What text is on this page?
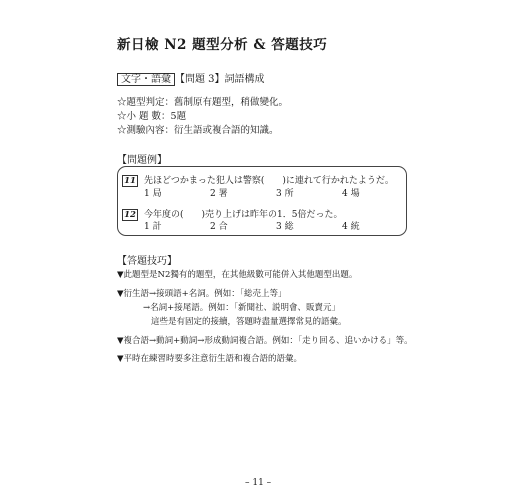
新日檢 N2 題型分析 & 答題技巧
文字・語彙 【問題 3】詞語構成
☆題型判定：舊制原有題型，稍做變化。
☆小 題 數：5題
☆測驗內容：衍生語或複合語的知識。
【問題例】
11 先ほどつかまった犯人は警察(　　)に連れて行かれたようだ。
1 局	2 署	3 所	4 場
12 今年度の(　　)売り上げは昨年の1．5倍だった。
1 計	2 合	3 総	4 統
【答題技巧】
▼此題型是N2獨有的題型，在其他級數可能併入其他題型出題。
▼衍生語→接頭語+名詞。例如：「総売上等」
→名詞+接尾語。例如：「新聞社、説明會、販賣元」
這些是有固定的接續，答題時盡量選擇常見的語彙。
▼複合語→動詞+動詞→形成動詞複合語。例如：「走り回る、追いかける」等。
▼平時在練習時要多注意衍生語和複合語的語彙。
– 11 –
